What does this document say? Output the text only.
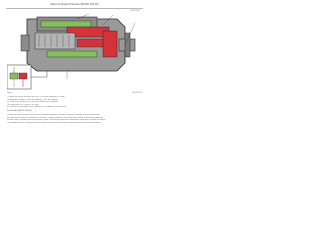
Motor de Rodas Dianteiro (EFWD 160 kN)
C0000075
Figura	24/01/2019
(1) Motor de Rodas Dianteiro (EFWD) (2) Válvula de Alívio (3) Pistão
(4) Bloco do Cilindro (5) Eixo de Saída (6) Placa de Controle
(7) Orifício de Pressão (8) Orifício de Retorno (9) Passagem
(10) Solenoide (11) Carretel (12) Mola
(13) Sensor de Velocidade (14) Vedação (15) Rolamento (16) Retentor
Pressão Alta (EFWD 160 kN)
O motor de rodas dianteiro recebe óleo da bomba hidráulica. Quando o sistema é ativado, o óleo pressurizado
flui através da válvula de controle para o motor. O pistão move-se e gira o bloco do cilindro, transmitindo torque ao
eixo de saída. Quando a pressão excede o limite, a válvula de alívio abre e direciona o óleo para o retorno ao tanque.
O solenoide controla a posição do carretel para alternar entre os modos de operação de alta e baixa velocidade.
